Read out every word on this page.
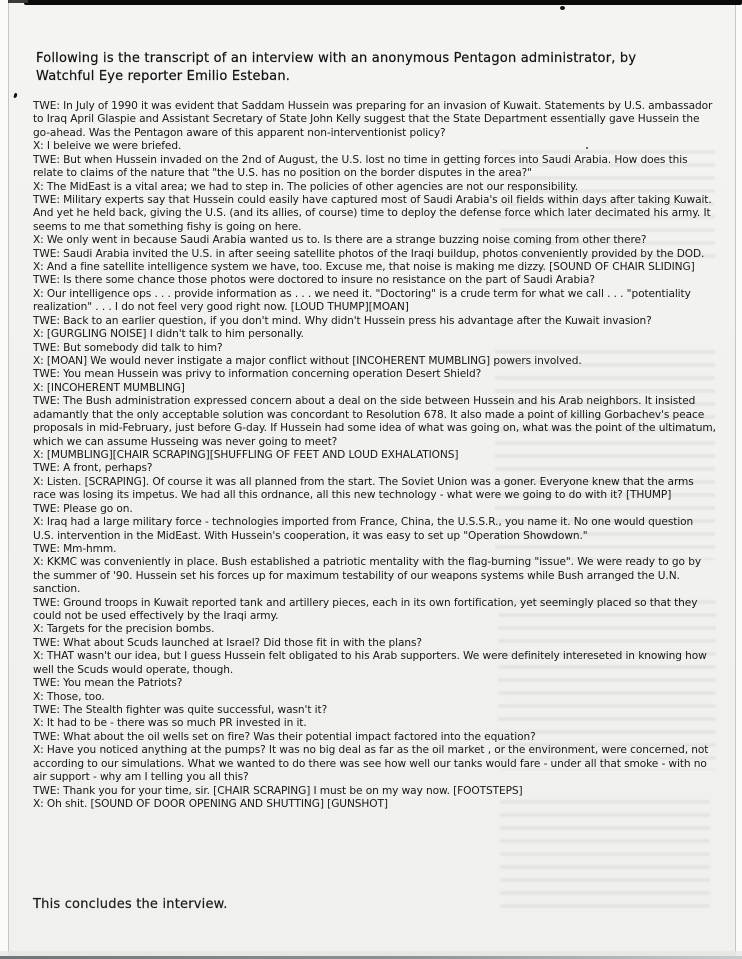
Following is the transcript of an interview with an anonymous Pentagon administrator, by Watchful Eye reporter Emilio Esteban.

TWE: In July of 1990 it was evident that Saddam Hussein was preparing for an invasion of Kuwait. Statements by U.S. ambassador to Iraq April Glaspie and Assistant Secretary of State John Kelly suggest that the State Department essentially gave Hussein the go-ahead. Was the Pentagon aware of this apparent non-interventionist policy?
X: I beleive we were briefed.
TWE: But when Hussein invaded on the 2nd of August, the U.S. lost no time in getting forces into Saudi Arabia. How does this relate to claims of the nature that "the U.S. has no position on the border disputes in the area?"
X: The MidEast is a vital area; we had to step in. The policies of other agencies are not our responsibility.
TWE: Military experts say that Hussein could easily have captured most of Saudi Arabia's oil fields within days after taking Kuwait. And yet he held back, giving the U.S. (and its allies, of course) time to deploy the defense force which later decimated his army. It seems to me that something fishy is going on here.
X: We only went in because Saudi Arabia wanted us to. Is there are a strange buzzing noise coming from other there?
TWE: Saudi Arabia invited the U.S. in after seeing satellite photos of the Iraqi buildup, photos conveniently provided by the DOD.
X: And a fine satellite intelligence system we have, too. Excuse me, that noise is making me dizzy. [SOUND OF CHAIR SLIDING]
TWE: Is there some chance those photos were doctored to insure no resistance on the part of Saudi Arabia?
X: Our intelligence ops . . . provide information as . . . we need it. "Doctoring" is a crude term for what we call . . . "potentiality realization" . . . I do not feel very good right now. [LOUD THUMP][MOAN]
TWE: Back to an earlier question, if you don't mind. Why didn't Hussein press his advantage after the Kuwait invasion?
X: [GURGLING NOISE] I didn't talk to him personally.
TWE: But somebody did talk to him?
X: [MOAN] We would never instigate a major conflict without [INCOHERENT MUMBLING] powers involved.
TWE: You mean Hussein was privy to information concerning operation Desert Shield?
X: [INCOHERENT MUMBLING]
TWE: The Bush administration expressed concern about a deal on the side between Hussein and his Arab neighbors. It insisted adamantly that the only acceptable solution was concordant to Resolution 678. It also made a point of killing Gorbachev's peace proposals in mid-February, just before G-day. If Hussein had some idea of what was going on, what was the point of the ultimatum, which we can assume Husseing was never going to meet?
X: [MUMBLING][CHAIR SCRAPING][SHUFFLING OF FEET AND LOUD EXHALATIONS]
TWE: A front, perhaps?
X: Listen. [SCRAPING]. Of course it was all planned from the start. The Soviet Union was a goner. Everyone knew that the arms race was losing its impetus. We had all this ordnance, all this new technology - what were we going to do with it? [THUMP]
TWE: Please go on.
X: Iraq had a large military force - technologies imported from France, China, the U.S.S.R., you name it. No one would question U.S. intervention in the MidEast. With Hussein's cooperation, it was easy to set up "Operation Showdown."
TWE: Mm-hmm.
X: KKMC was conveniently in place. Bush established a patriotic mentality with the flag-burning "issue". We were ready to go by the summer of '90. Hussein set his forces up for maximum testability of our weapons systems while Bush arranged the U.N. sanction.
TWE: Ground troops in Kuwait reported tank and artillery pieces, each in its own fortification, yet seemingly placed so that they could not be used effectively by the Iraqi army.
X: Targets for the precision bombs.
TWE: What about Scuds launched at Israel? Did those fit in with the plans?
X: THAT wasn't our idea, but I guess Hussein felt obligated to his Arab supporters. We were definitely intereseted in knowing how well the Scuds would operate, though.
TWE: You mean the Patriots?
X: Those, too.
TWE: The Stealth fighter was quite successful, wasn't it?
X: It had to be - there was so much PR invested in it.
TWE: What about the oil wells set on fire? Was their potential impact factored into the equation?
X: Have you noticed anything at the pumps? It was no big deal as far as the oil market , or the environment, were concerned, not according to our simulations. What we wanted to do there was see how well our tanks would fare - under all that smoke - with no air support - why am I telling you all this?
TWE: Thank you for your time, sir. [CHAIR SCRAPING] I must be on my way now. [FOOTSTEPS]
X: Oh shit. [SOUND OF DOOR OPENING AND SHUTTING] [GUNSHOT]

This concludes the interview.
